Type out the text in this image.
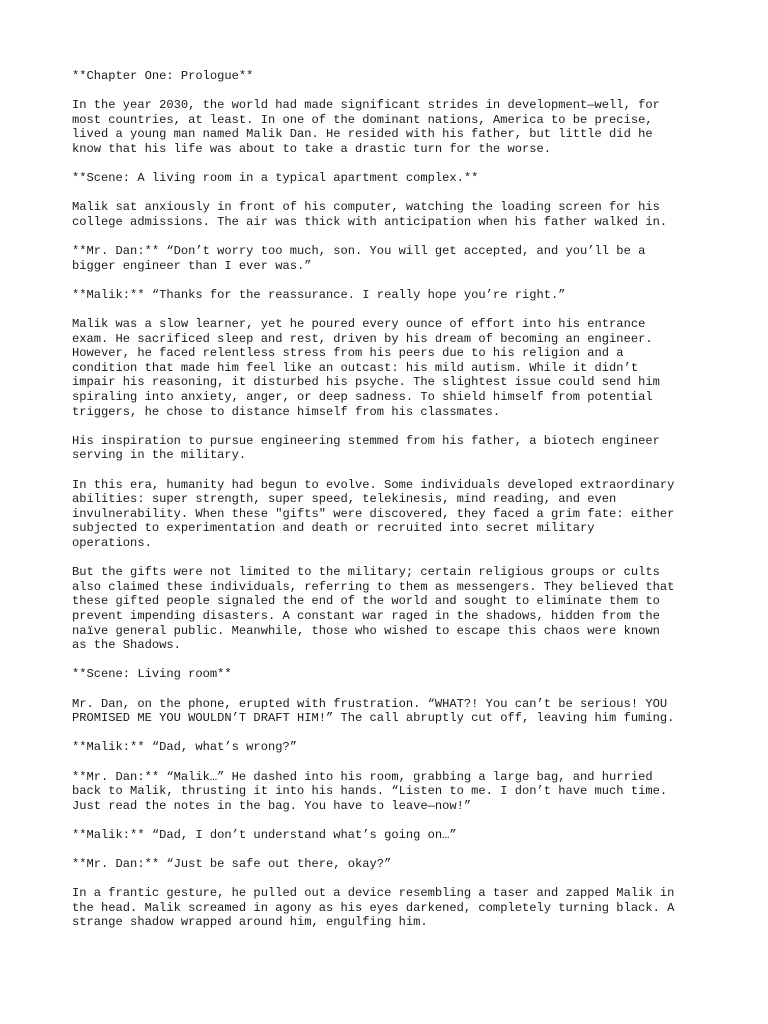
**Chapter One: Prologue**

In the year 2030, the world had made significant strides in development—well, for
most countries, at least. In one of the dominant nations, America to be precise,
lived a young man named Malik Dan. He resided with his father, but little did he
know that his life was about to take a drastic turn for the worse.

**Scene: A living room in a typical apartment complex.**

Malik sat anxiously in front of his computer, watching the loading screen for his
college admissions. The air was thick with anticipation when his father walked in.

**Mr. Dan:** “Don’t worry too much, son. You will get accepted, and you’ll be a
bigger engineer than I ever was.”

**Malik:** “Thanks for the reassurance. I really hope you’re right.”

Malik was a slow learner, yet he poured every ounce of effort into his entrance
exam. He sacrificed sleep and rest, driven by his dream of becoming an engineer.
However, he faced relentless stress from his peers due to his religion and a
condition that made him feel like an outcast: his mild autism. While it didn’t
impair his reasoning, it disturbed his psyche. The slightest issue could send him
spiraling into anxiety, anger, or deep sadness. To shield himself from potential
triggers, he chose to distance himself from his classmates.

His inspiration to pursue engineering stemmed from his father, a biotech engineer
serving in the military.

In this era, humanity had begun to evolve. Some individuals developed extraordinary
abilities: super strength, super speed, telekinesis, mind reading, and even
invulnerability. When these "gifts" were discovered, they faced a grim fate: either
subjected to experimentation and death or recruited into secret military
operations.

But the gifts were not limited to the military; certain religious groups or cults
also claimed these individuals, referring to them as messengers. They believed that
these gifted people signaled the end of the world and sought to eliminate them to
prevent impending disasters. A constant war raged in the shadows, hidden from the
naïve general public. Meanwhile, those who wished to escape this chaos were known
as the Shadows.

**Scene: Living room**

Mr. Dan, on the phone, erupted with frustration. “WHAT?! You can’t be serious! YOU
PROMISED ME YOU WOULDN’T DRAFT HIM!” The call abruptly cut off, leaving him fuming.

**Malik:** “Dad, what’s wrong?”

**Mr. Dan:** “Malik…” He dashed into his room, grabbing a large bag, and hurried
back to Malik, thrusting it into his hands. “Listen to me. I don’t have much time.
Just read the notes in the bag. You have to leave—now!”

**Malik:** “Dad, I don’t understand what’s going on…”

**Mr. Dan:** “Just be safe out there, okay?”

In a frantic gesture, he pulled out a device resembling a taser and zapped Malik in
the head. Malik screamed in agony as his eyes darkened, completely turning black. A
strange shadow wrapped around him, engulfing him.
